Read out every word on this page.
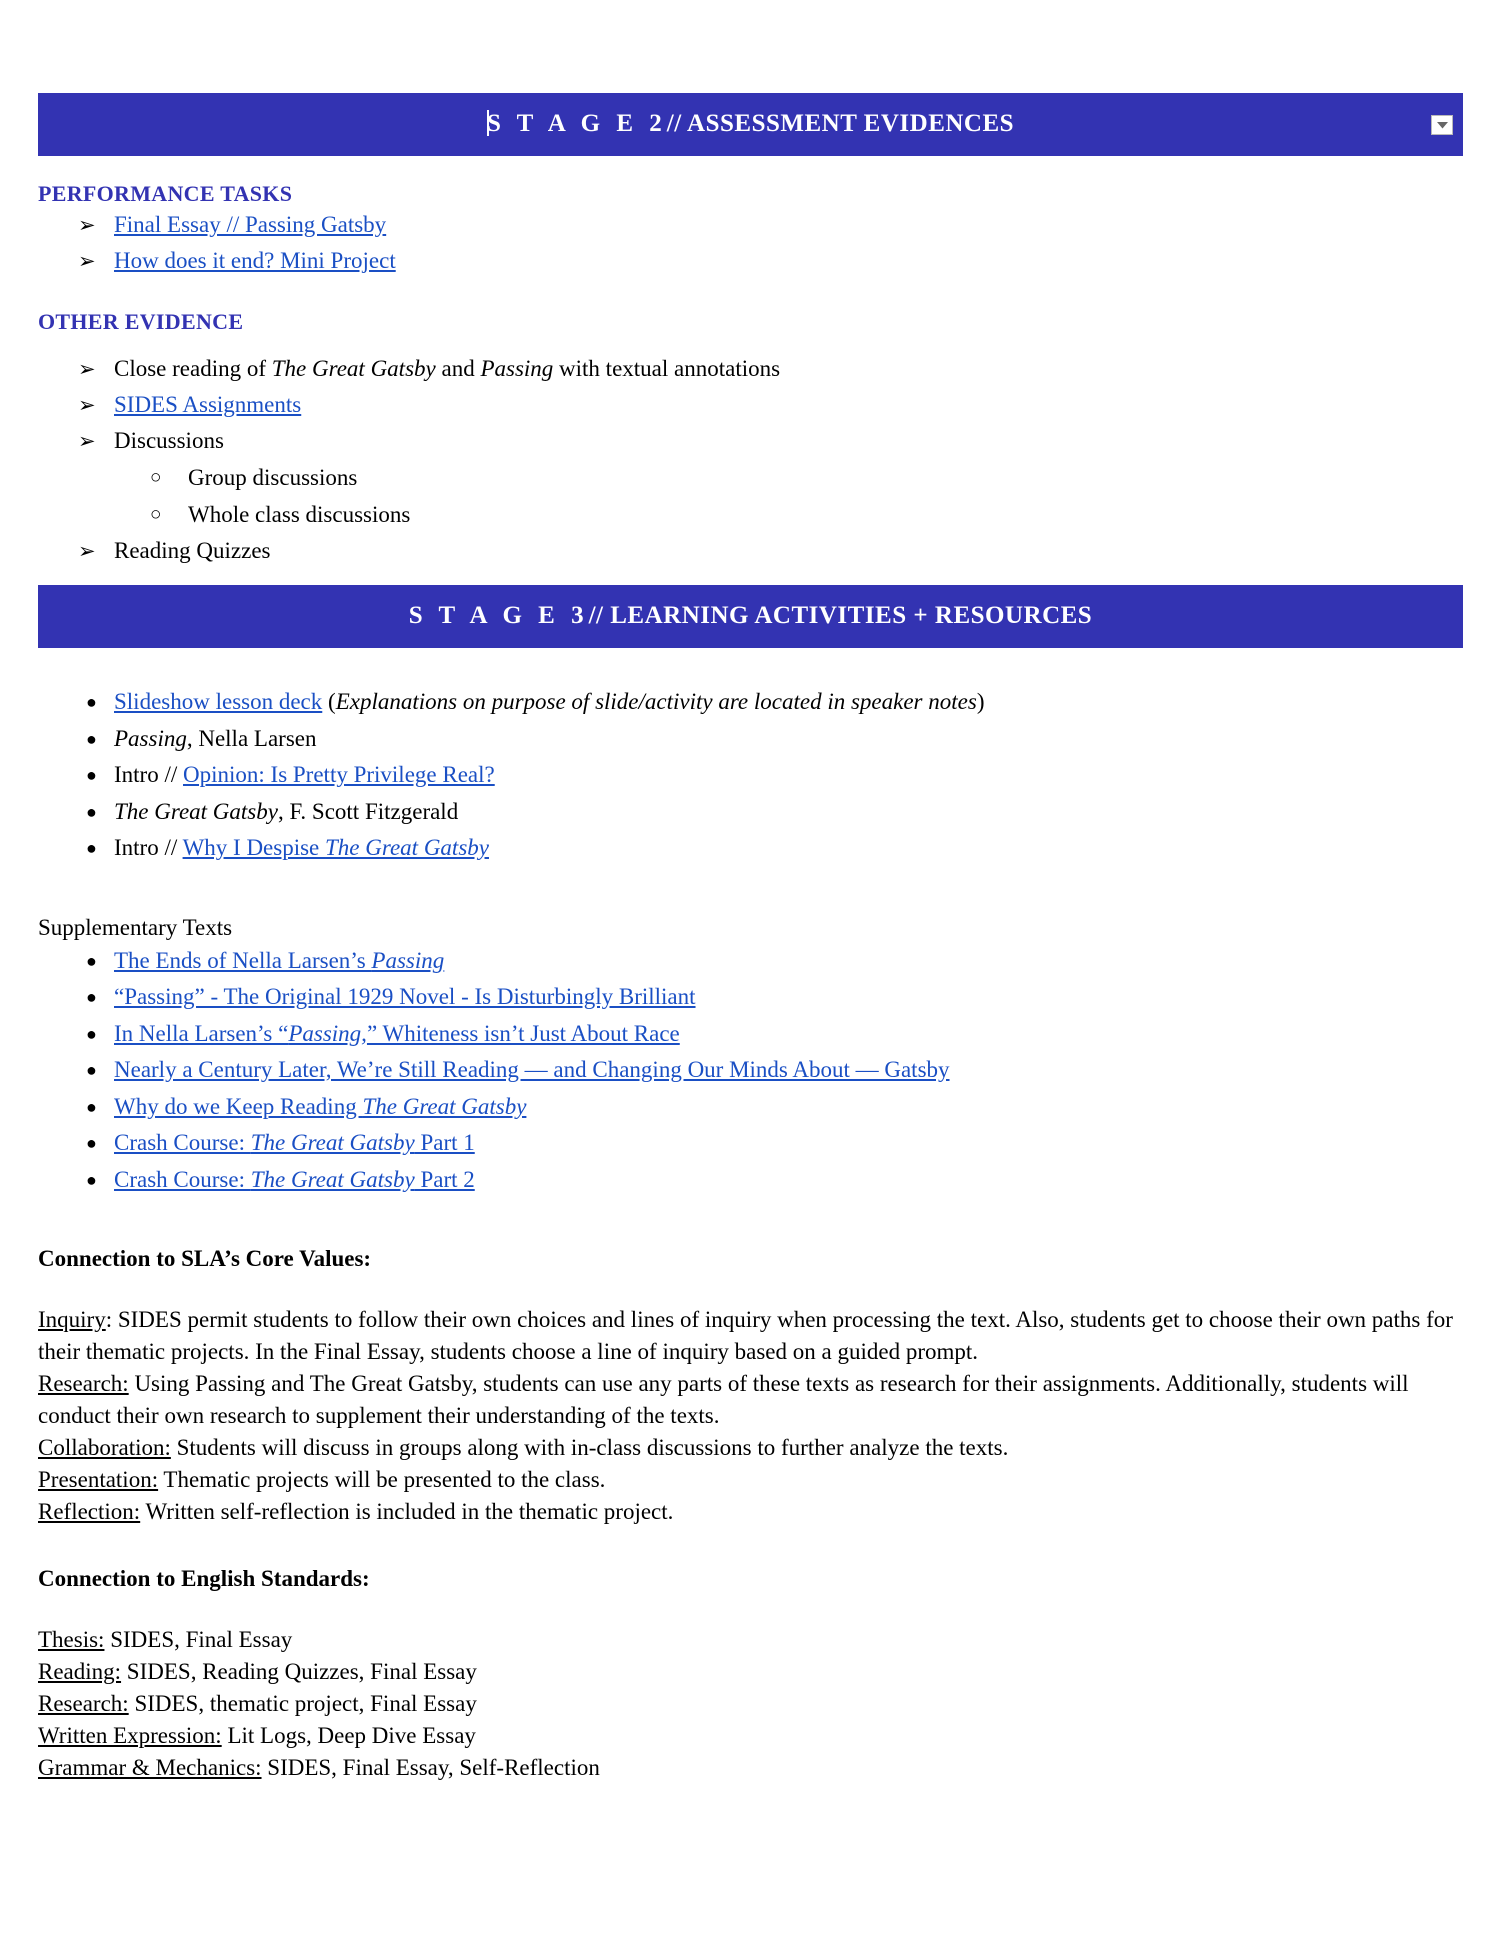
S T A G E 2// ASSESSMENT EVIDENCES
PERFORMANCE TASKS
➢ Final Essay // Passing Gatsby
➢ How does it end? Mini Project
OTHER EVIDENCE
➢ Close reading of The Great Gatsby and Passing with textual annotations
➢ SIDES Assignments
➢ Discussions
○ Group discussions
○ Whole class discussions
➢ Reading Quizzes
S T A G E 3// LEARNING ACTIVITIES + RESOURCES
● Slideshow lesson deck (Explanations on purpose of slide/activity are located in speaker notes)
● Passing, Nella Larsen
● Intro // Opinion: Is Pretty Privilege Real?
● The Great Gatsby, F. Scott Fitzgerald
● Intro // Why I Despise The Great Gatsby
Supplementary Texts
● The Ends of Nella Larsen’s Passing
● “Passing” - The Original 1929 Novel - Is Disturbingly Brilliant
● In Nella Larsen’s “Passing,” Whiteness isn’t Just About Race
● Nearly a Century Later, We’re Still Reading — and Changing Our Minds About — Gatsby
● Why do we Keep Reading The Great Gatsby
● Crash Course: The Great Gatsby Part 1
● Crash Course: The Great Gatsby Part 2
Connection to SLA’s Core Values:

Inquiry: SIDES permit students to follow their own choices and lines of inquiry when processing the text. Also, students get to choose their own paths for their thematic projects. In the Final Essay, students choose a line of inquiry based on a guided prompt.

Research: Using Passing and The Great Gatsby, students can use any parts of these texts as research for their assignments. Additionally, students will conduct their own research to supplement their understanding of the texts.

Collaboration: Students will discuss in groups along with in-class discussions to further analyze the texts.

Presentation: Thematic projects will be presented to the class.

Reflection: Written self-reflection is included in the thematic project.

Connection to English Standards:

Thesis: SIDES, Final Essay

Reading: SIDES, Reading Quizzes, Final Essay

Research: SIDES, thematic project, Final Essay

Written Expression: Lit Logs, Deep Dive Essay

Grammar & Mechanics: SIDES, Final Essay, Self-Reflection
